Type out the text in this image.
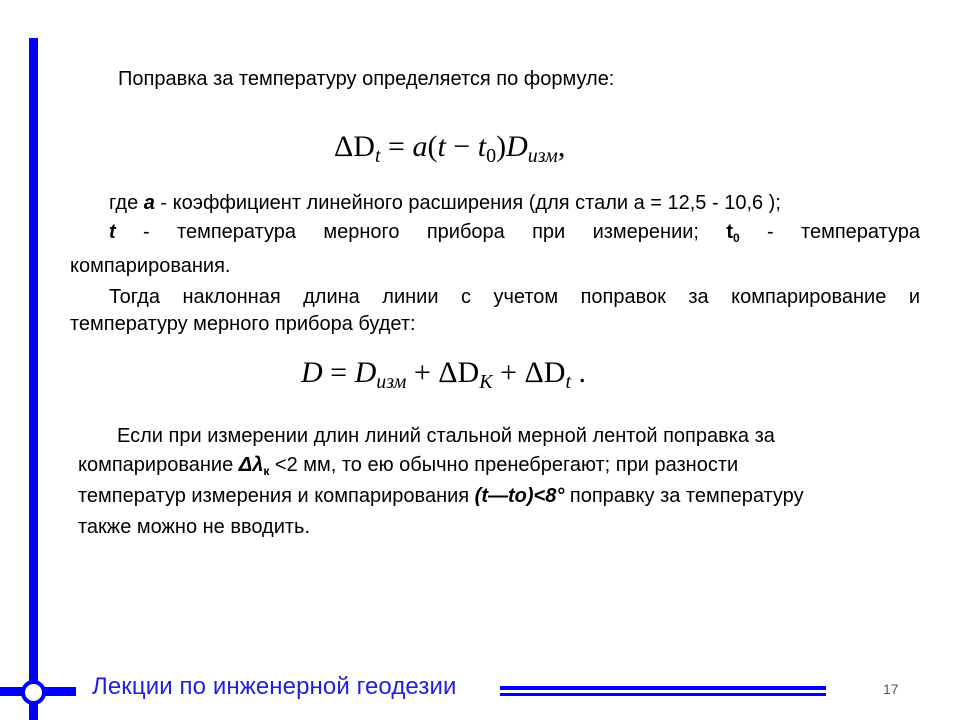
Поправка за температуру определяется по формуле:
$\Delta D_t = a(t - t_0)D_{изм}$,
где a - коэффициент линейного расширения (для стали а = 12,5 - 10,6 );
t - температура мерного прибора при измерении; $t_0$ - температура
компарирования.
Тогда наклонная длина линии с учетом поправок за компарирование и
температуру мерного прибора будет:
$D = D_{изм} + \Delta D_K + \Delta D_t$ .
Если при измерении длин линий стальной мерной лентой поправка за
компарирование $\Delta\lambda_к <2$ мм, то ею обычно пренебрегают; при разности
температур измерения и компарирования (t—to)<8° поправку за температуру
также можно не вводить.
Лекции по инженерной геодезии	17
